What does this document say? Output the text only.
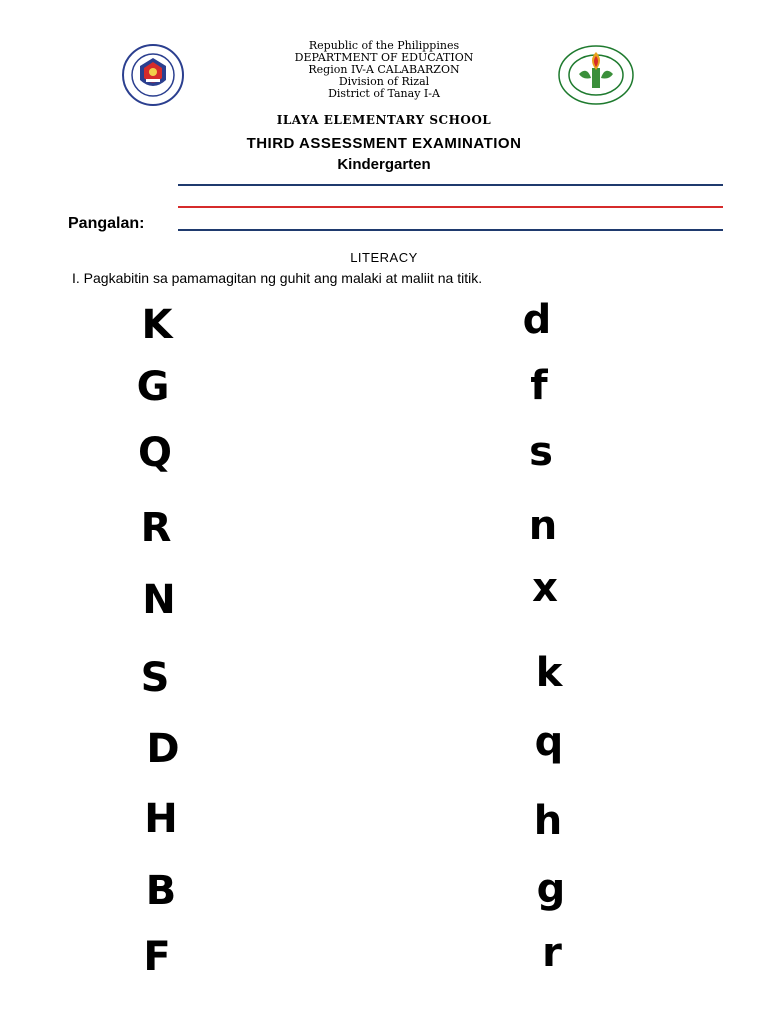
Republic of the Philippines
DEPARTMENT OF EDUCATION
Region IV-A CALABARZON
Division of Rizal
District of Tanay I-A
ILAYA ELEMENTARY SCHOOL
THIRD ASSESSMENT EXAMINATION
Kindergarten
Pangalan:
LITERACY
I. Pagkabitin sa pamamagitan ng guhit ang malaki at maliit na titik.
K
G
Q
R
N
S
D
H
B
F
d
f
s
n
x
k
q
h
g
r
